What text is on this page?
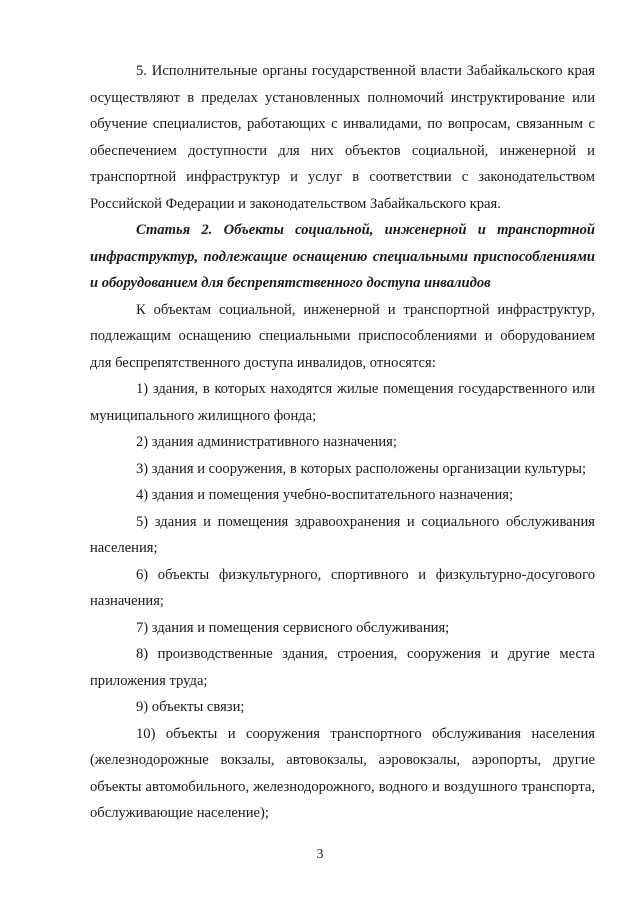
5. Исполнительные органы государственной власти Забайкальского края осуществляют в пределах установленных полномочий инструктирование или обучение специалистов, работающих с инвалидами, по вопросам, связанным с обеспечением доступности для них объектов социальной, инженерной и транспортной инфраструктур и услуг в соответствии с законодательством Российской Федерации и законодательством Забайкальского края.

Статья 2. Объекты социальной, инженерной и транспортной инфраструктур, подлежащие оснащению специальными приспособлениями и оборудованием для беспрепятственного доступа инвалидов

К объектам социальной, инженерной и транспортной инфраструктур, подлежащим оснащению специальными приспособлениями и оборудованием для беспрепятственного доступа инвалидов, относятся:

1) здания, в которых находятся жилые помещения государственного или муниципального жилищного фонда;

2) здания административного назначения;

3) здания и сооружения, в которых расположены организации культуры;

4) здания и помещения учебно-воспитательного назначения;

5) здания и помещения здравоохранения и социального обслуживания населения;

6) объекты физкультурного, спортивного и физкультурно-досугового назначения;

7) здания и помещения сервисного обслуживания;

8) производственные здания, строения, сооружения и другие места приложения труда;

9) объекты связи;

10) объекты и сооружения транспортного обслуживания населения (железнодорожные вокзалы, автовокзалы, аэровокзалы, аэропорты, другие объекты автомобильного, железнодорожного, водного и воздушного транспорта, обслуживающие население);

3
